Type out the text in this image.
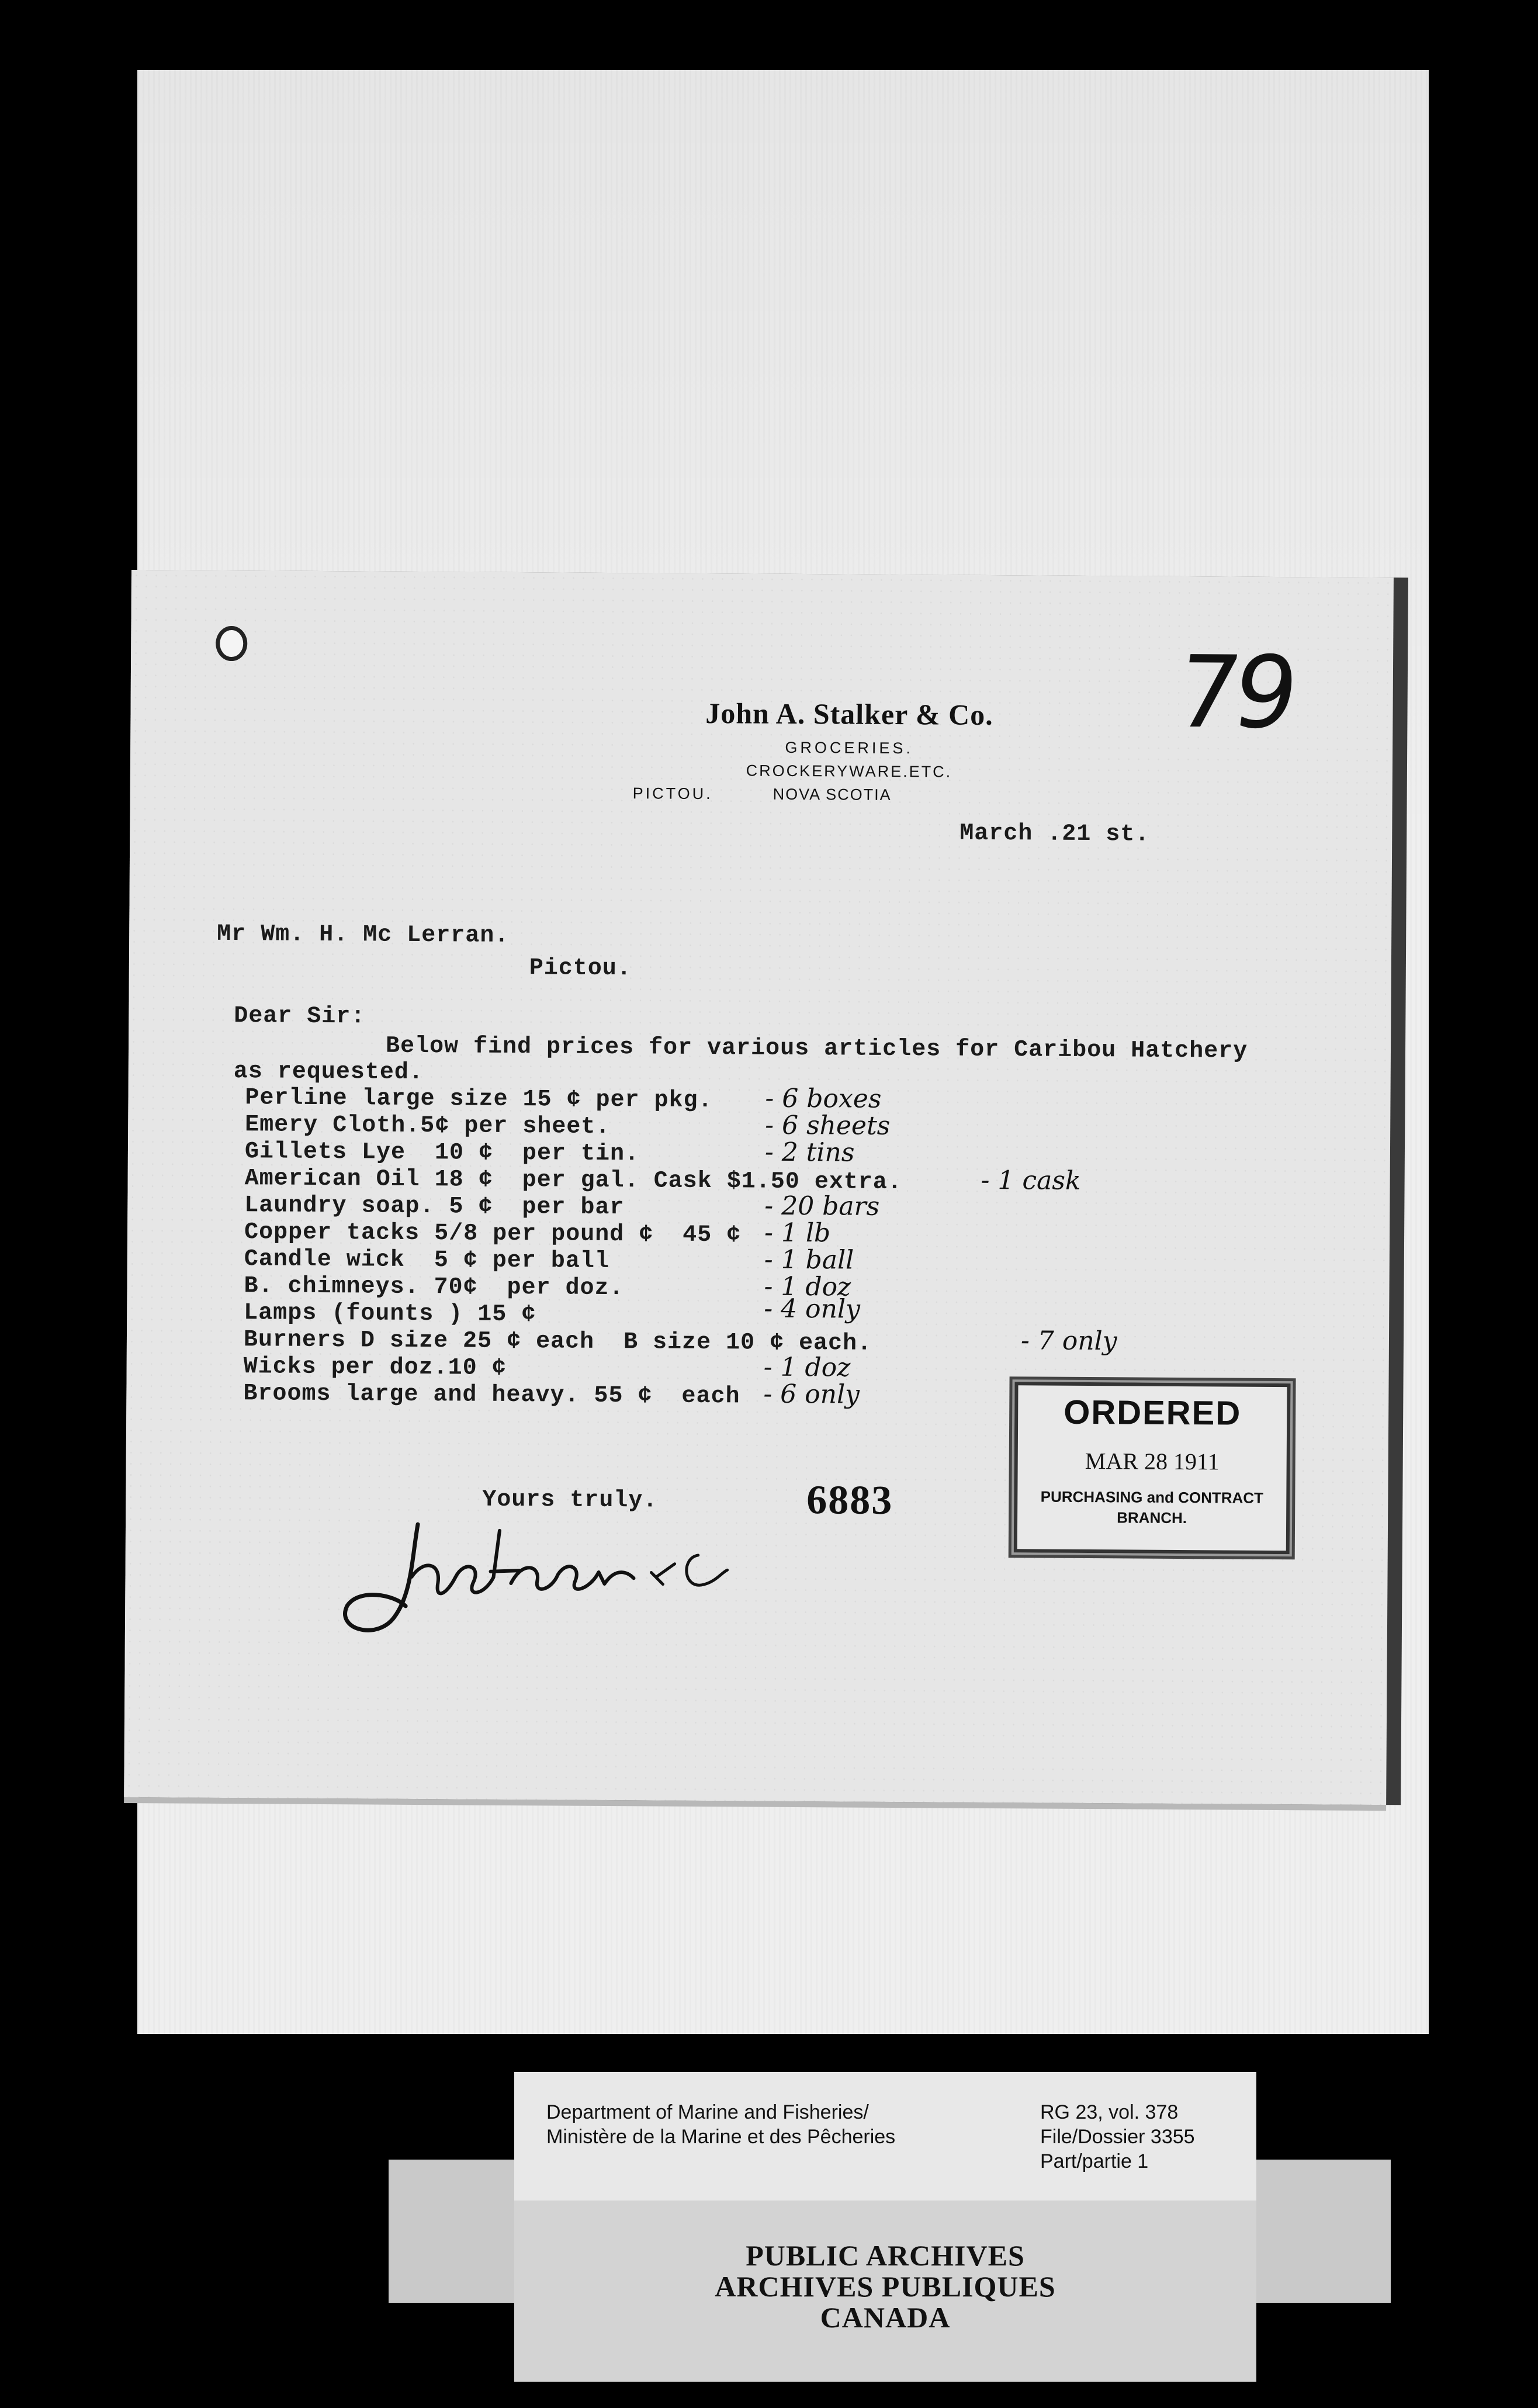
79
John A. Stalker & Co.
GROCERIES.
CROCKERYWARE.ETC.
PICTOU.	NOVA SCOTIA
March .21 st.
Mr Wm. H. Mc Lerran.
Pictou.
Dear Sir:
Below find prices for various articles for Caribou Hatchery
as requested.
Perline large size 15 ¢ per pkg. - 6 boxes
Emery Cloth.5¢ per sheet.	- 6 sheets
Gillets Lye  10 ¢  per tin.	- 2 tins
American Oil 18 ¢  per gal. Cask $1.50 extra.	- 1 cask
Laundry soap. 5 ¢  per bar	- 20 bars
Copper tacks 5/8 per pound ¢  45 ¢ - 1 lb
Candle wick  5 ¢ per ball	- 1 ball
B. chimneys. 70¢  per doz.	- 1 doz
Lamps (founts ) 15 ¢	- 4 only
Burners D size 25 ¢ each  B size 10 ¢ each.	- 7 only
Wicks per doz.10 ¢	- 1 doz
Brooms large and heavy. 55 ¢  each - 6 only
Yours truly.	6883
ORDERED
MAR 28 1911
PURCHASING and CONTRACT
BRANCH.
PUBLIC ARCHIVES
ARCHIVES PUBLIQUES
CANADA
Department of Marine and Fisheries/
Ministère de la Marine et des Pêcheries
RG 23, vol. 378
File/Dossier 3355
Part/partie 1
